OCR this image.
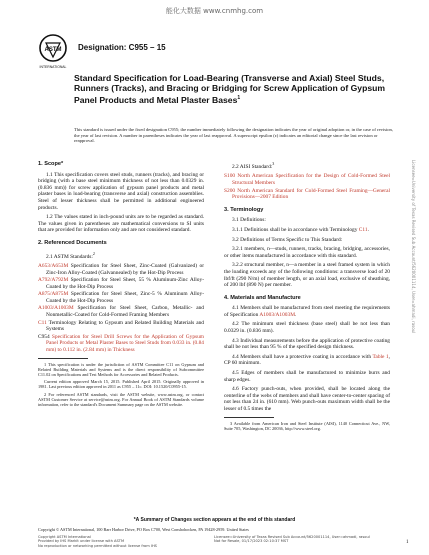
能化大数据 www.cnmhg.com
ASTM
INTERNATIONAL
Designation: C955 – 15
Standard Specification for Load-Bearing (Transverse and Axial) Steel Studs, Runners (Tracks), and Bracing or Bridging for Screw Application of Gypsum Panel Products and Metal Plaster Bases$^1$
This standard is issued under the fixed designation C955; the number immediately following the designation indicates the year of original adoption or, in the case of revision, the year of last revision. A number in parentheses indicates the year of last reapproval. A superscript epsilon (ε) indicates an editorial change since the last revision or reapproval.
Licensee=University of Texas Revised Sub Account/5620001114, User=ahmadi, rasoul
1. Scope*
1.1 This specification covers steel studs, runners (tracks), and bracing or bridging (with a base steel minimum thickness of not less than 0.0329 in. (0.836 mm)) for screw application of gypsum panel products and metal plaster bases in load-bearing (transverse and axial) construction assemblies. Steel of lesser thickness shall be permitted in additional engineered products.
1.2 The values stated in inch-pound units are to be regarded as standard. The values given in parentheses are mathematical conversions to SI units that are provided for information only and are not considered standard.
2. Referenced Documents
2.1 ASTM Standards:$^2$
A653/A653M Specification for Steel Sheet, Zinc-Coated (Galvanized) or Zinc-Iron Alloy-Coated (Galvannealed) by the Hot-Dip Process
A792/A792M Specification for Steel Sheet, 55 % Aluminum-Zinc Alloy-Coated by the Hot-Dip Process
A875/A875M Specification for Steel Sheet, Zinc-5 % Aluminum Alloy-Coated by the Hot-Dip Process
A1003/A1003M Specification for Steel Sheet, Carbon, Metallic- and Nonmetallic-Coated for Cold-Formed Framing Members
C11 Terminology Relating to Gypsum and Related Building Materials and Systems
C954 Specification for Steel Drill Screws for the Application of Gypsum Panel Products or Metal Plaster Bases to Steel Studs from 0.033 in. (0.84 mm) to 0.112 in. (2.84 mm) in Thickness
1 This specification is under the jurisdiction of ASTM Committee C11 on Gypsum and Related Building Materials and Systems and is the direct responsibility of Subcommittee C11.02 on Specifications and Test Methods for Accessories and Related Products.
Current edition approved March 15, 2015. Published April 2015. Originally approved in 1981. Last previous edition approved in 2011 as C955 – 11c. DOI: 10.1520/C0955-15.
2 For referenced ASTM standards, visit the ASTM website, www.astm.org, or contact ASTM Customer Service at service@astm.org. For Annual Book of ASTM Standards volume information, refer to the standard's Document Summary page on the ASTM website.
2.2 AISI Standard:$^3$
S100 North American Specification for the Design of Cold-Formed Steel Structural Members
S200 North American Standard for Cold-Formed Steel Framing—General Provisions—2007 Edition
3. Terminology
3.1 Definitions:
3.1.1 Definitions shall be in accordance with Terminology C11.
3.2 Definitions of Terms Specific to This Standard:
3.2.1 members, n—studs, runners, tracks, bracing, bridging, accessories, or other items manufactured in accordance with this standard.
3.2.2 structural member, n—a member in a steel framed system in which the loading exceeds any of the following conditions: a transverse load of 20 lbf/ft (290 N/m) of member length, or an axial load, exclusive of sheathing, of 200 lbf (890 N) per member.
4. Materials and Manufacture
4.1 Members shall be manufactured from steel meeting the requirements of Specification A1003/A1003M.
4.2 The minimum steel thickness (base steel) shall be not less than 0.0329 in. (0.836 mm).
4.3 Individual measurements before the application of protective coating shall be not less than 95 % of the specified design thickness.
4.4 Members shall have a protective coating in accordance with Table 1, CP 60 minimum.
4.5 Edges of members shall be manufactured to minimize burrs and sharp edges.
4.6 Factory punch-outs, when provided, shall be located along the centerline of the webs of members and shall have center-to-center spacing of not less than 24 in. (610 mm). Web punch-outs maximum width shall be the lesser of 0.5 times the
3 Available from American Iron and Steel Institute (AISI), 1140 Connecticut Ave., NW, Suite 705, Washington, DC 20036, http://www.steel.org.
*A Summary of Changes section appears at the end of this standard
Copyright © ASTM International, 100 Barr Harbor Drive, PO Box C700, West Conshohocken, PA 19428-2959. United States
Copyright ASTM International
Provided by IHS Markit under license with ASTM
No reproduction or networking permitted without license from IHS
Licensee=University of Texas Revised Sub Account/5620001114, User=ahmadi, rasoul
Not for Resale, 01/17/2023 02:10:37 MST	1
